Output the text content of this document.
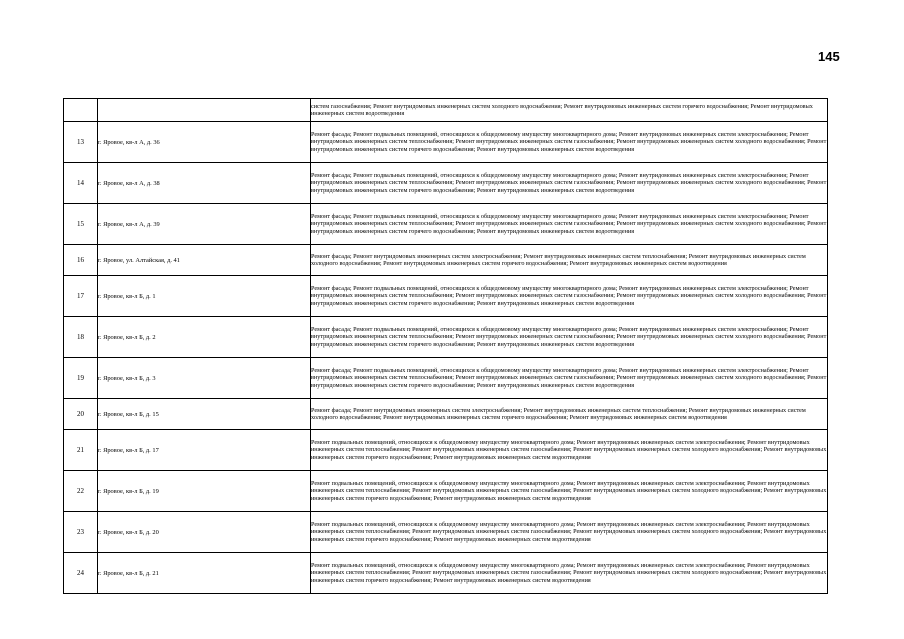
145
		систем газоснабжения; Ремонт внутридомовых инженерных систем холодного водоснабжения; Ремонт внутридомовых инженерных систем горячего водоснабжения; Ремонт внутридомовых инженерных систем водоотведения
13	г. Яровое, кв-л А, д. 36	Ремонт фасада; Ремонт подвальных помещений, относящихся к общедомовому имуществу многоквартирного дома; Ремонт внутридомовых инженерных систем электроснабжения; Ремонт внутридомовых инженерных систем теплоснабжения; Ремонт внутридомовых инженерных систем газоснабжения; Ремонт внутридомовых инженерных систем холодного водоснабжения; Ремонт внутридомовых инженерных систем горячего водоснабжения; Ремонт внутридомовых инженерных систем водоотведения
14	г. Яровое, кв-л А, д. 38	Ремонт фасада; Ремонт подвальных помещений, относящихся к общедомовому имуществу многоквартирного дома; Ремонт внутридомовых инженерных систем электроснабжения; Ремонт внутридомовых инженерных систем теплоснабжения; Ремонт внутридомовых инженерных систем газоснабжения; Ремонт внутридомовых инженерных систем холодного водоснабжения; Ремонт внутридомовых инженерных систем горячего водоснабжения; Ремонт внутридомовых инженерных систем водоотведения
15	г. Яровое, кв-л А, д. 39	Ремонт фасада; Ремонт подвальных помещений, относящихся к общедомовому имуществу многоквартирного дома; Ремонт внутридомовых инженерных систем электроснабжения; Ремонт внутридомовых инженерных систем теплоснабжения; Ремонт внутридомовых инженерных систем газоснабжения; Ремонт внутридомовых инженерных систем холодного водоснабжения; Ремонт внутридомовых инженерных систем горячего водоснабжения; Ремонт внутридомовых инженерных систем водоотведения
16	г. Яровое, ул. Алтайская, д. 41	Ремонт фасада; Ремонт внутридомовых инженерных систем электроснабжения; Ремонт внутридомовых инженерных систем теплоснабжения; Ремонт внутридомовых инженерных систем холодного водоснабжения; Ремонт внутридомовых инженерных систем горячего водоснабжения; Ремонт внутридомовых инженерных систем водоотведения
17	г. Яровое, кв-л Б, д. 1	Ремонт фасада; Ремонт подвальных помещений, относящихся к общедомовому имуществу многоквартирного дома; Ремонт внутридомовых инженерных систем электроснабжения; Ремонт внутридомовых инженерных систем теплоснабжения; Ремонт внутридомовых инженерных систем газоснабжения; Ремонт внутридомовых инженерных систем холодного водоснабжения; Ремонт внутридомовых инженерных систем горячего водоснабжения; Ремонт внутридомовых инженерных систем водоотведения
18	г. Яровое, кв-л Б, д. 2	Ремонт фасада; Ремонт подвальных помещений, относящихся к общедомовому имуществу многоквартирного дома; Ремонт внутридомовых инженерных систем электроснабжения; Ремонт внутридомовых инженерных систем теплоснабжения; Ремонт внутридомовых инженерных систем газоснабжения; Ремонт внутридомовых инженерных систем холодного водоснабжения; Ремонт внутридомовых инженерных систем горячего водоснабжения; Ремонт внутридомовых инженерных систем водоотведения
19	г. Яровое, кв-л Б, д. 3	Ремонт фасада; Ремонт подвальных помещений, относящихся к общедомовому имуществу многоквартирного дома; Ремонт внутридомовых инженерных систем электроснабжения; Ремонт внутридомовых инженерных систем теплоснабжения; Ремонт внутридомовых инженерных систем газоснабжения; Ремонт внутридомовых инженерных систем холодного водоснабжения; Ремонт внутридомовых инженерных систем горячего водоснабжения; Ремонт внутридомовых инженерных систем водоотведения
20	г. Яровое, кв-л Б, д. 15	Ремонт фасада; Ремонт внутридомовых инженерных систем электроснабжения; Ремонт внутридомовых инженерных систем теплоснабжения; Ремонт внутридомовых инженерных систем холодного водоснабжения; Ремонт внутридомовых инженерных систем горячего водоснабжения; Ремонт внутридомовых инженерных систем водоотведения
21	г. Яровое, кв-л Б, д. 17	Ремонт подвальных помещений, относящихся к общедомовому имуществу многоквартирного дома; Ремонт внутридомовых инженерных систем электроснабжения; Ремонт внутридомовых инженерных систем теплоснабжения; Ремонт внутридомовых инженерных систем газоснабжения; Ремонт внутридомовых инженерных систем холодного водоснабжения; Ремонт внутридомовых инженерных систем горячего водоснабжения; Ремонт внутридомовых инженерных систем водоотведения
22	г. Яровое, кв-л Б, д. 19	Ремонт подвальных помещений, относящихся к общедомовому имуществу многоквартирного дома; Ремонт внутридомовых инженерных систем электроснабжения; Ремонт внутридомовых инженерных систем теплоснабжения; Ремонт внутридомовых инженерных систем газоснабжения; Ремонт внутридомовых инженерных систем холодного водоснабжения; Ремонт внутридомовых инженерных систем горячего водоснабжения; Ремонт внутридомовых инженерных систем водоотведения
23	г. Яровое, кв-л Б, д. 20	Ремонт подвальных помещений, относящихся к общедомовому имуществу многоквартирного дома; Ремонт внутридомовых инженерных систем электроснабжения; Ремонт внутридомовых инженерных систем теплоснабжения; Ремонт внутридомовых инженерных систем газоснабжения; Ремонт внутридомовых инженерных систем холодного водоснабжения; Ремонт внутридомовых инженерных систем горячего водоснабжения; Ремонт внутридомовых инженерных систем водоотведения
24	г. Яровое, кв-л Б, д. 21	Ремонт подвальных помещений, относящихся к общедомовому имуществу многоквартирного дома; Ремонт внутридомовых инженерных систем электроснабжения; Ремонт внутридомовых инженерных систем теплоснабжения; Ремонт внутридомовых инженерных систем газоснабжения; Ремонт внутридомовых инженерных систем холодного водоснабжения; Ремонт внутридомовых инженерных систем горячего водоснабжения; Ремонт внутридомовых инженерных систем водоотведения
